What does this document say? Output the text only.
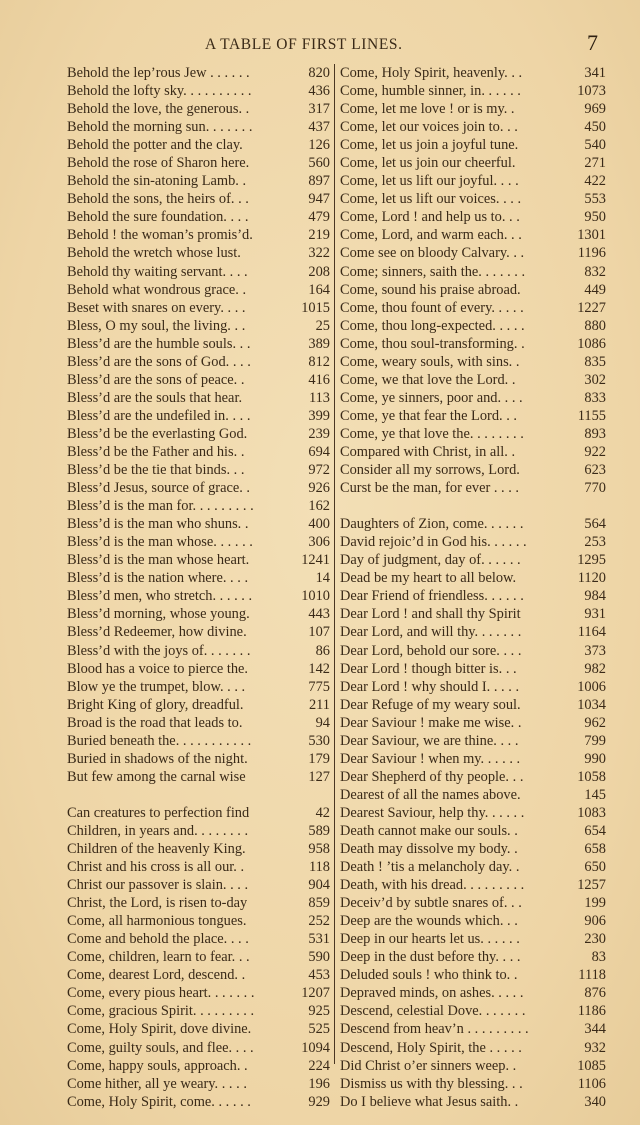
A TABLE OF FIRST LINES.	7
Behold the lep’rous Jew . . . . . .	820
Behold the lofty sky. . . . . . . . . .	436
Behold the love, the generous. .	317
Behold the morning sun. . . . . . .	437
Behold the potter and the clay.	126
Behold the rose of Sharon here.	560
Behold the sin-atoning Lamb. .	897
Behold the sons, the heirs of. . .	947
Behold the sure foundation. . . .	479
Behold ! the woman’s promis’d.	219
Behold the wretch whose lust.	322
Behold thy waiting servant. . . .	208
Behold what wondrous grace. .	164
Beset with snares on every. . . .	1015
Bless, O my soul, the living. . .	25
Bless’d are the humble souls. . .	389
Bless’d are the sons of God. . . .	812
Bless’d are the sons of peace. .	416
Bless’d are the souls that hear.	113
Bless’d are the undefiled in. . . .	399
Bless’d be the everlasting God.	239
Bless’d be the Father and his. .	694
Bless’d be the tie that binds. . .	972
Bless’d Jesus, source of grace. .	926
Bless’d is the man for. . . . . . . . .	162
Bless’d is the man who shuns. .	400
Bless’d is the man whose. . . . . .	306
Bless’d is the man whose heart.	1241
Bless’d is the nation where. . . .	14
Bless’d men, who stretch. . . . . .	1010
Bless’d morning, whose young.	443
Bless’d Redeemer, how divine.	107
Bless’d with the joys of. . . . . . .	86
Blood has a voice to pierce the.	142
Blow ye the trumpet, blow. . . .	775
Bright King of glory, dreadful.	211
Broad is the road that leads to.	94
Buried beneath the. . . . . . . . . . .	530
Buried in shadows of the night.	179
But few among the carnal wise	127
Can creatures to perfection find	42
Children, in years and. . . . . . . .	589
Children of the heavenly King.	958
Christ and his cross is all our. .	118
Christ our passover is slain. . . .	904
Christ, the Lord, is risen to-day	859
Come, all harmonious tongues.	252
Come and behold the place. . . .	531
Come, children, learn to fear. . .	590
Come, dearest Lord, descend. .	453
Come, every pious heart. . . . . . .	1207
Come, gracious Spirit. . . . . . . . .	925
Come, Holy Spirit, dove divine.	525
Come, guilty souls, and flee. . . .	1094
Come, happy souls, approach. .	224
Come hither, all ye weary. . . . .	196
Come, Holy Spirit, come. . . . . .	929
Come, Holy Spirit, heavenly. . .	341
Come, humble sinner, in. . . . . .	1073
Come, let me love ! or is my. .	969
Come, let our voices join to. . .	450
Come, let us join a joyful tune.	540
Come, let us join our cheerful.	271
Come, let us lift our joyful. . . .	422
Come, let us lift our voices. . . .	553
Come, Lord ! and help us to. . .	950
Come, Lord, and warm each. . .	1301
Come see on bloody Calvary. . .	1196
Come; sinners, saith the. . . . . . .	832
Come, sound his praise abroad.	449
Come, thou fount of every. . . . .	1227
Come, thou long-expected. . . . .	880
Come, thou soul-transforming. .	1086
Come, weary souls, with sins. .	835
Come, we that love the Lord. .	302
Come, ye sinners, poor and. . . .	833
Come, ye that fear the Lord. . .	1155
Come, ye that love the. . . . . . . .	893
Compared with Christ, in all. .	922
Consider all my sorrows, Lord.	623
Curst be the man, for ever . . . .	770
Daughters of Zion, come. . . . . .	564
David rejoic’d in God his. . . . . .	253
Day of judgment, day of. . . . . .	1295
Dead be my heart to all below.	1120
Dear Friend of friendless. . . . . .	984
Dear Lord ! and shall thy Spirit	931
Dear Lord, and will thy. . . . . . .	1164
Dear Lord, behold our sore. . . .	373
Dear Lord ! though bitter is. . .	982
Dear Lord ! why should I. . . . .	1006
Dear Refuge of my weary soul.	1034
Dear Saviour ! make me wise. .	962
Dear Saviour, we are thine. . . .	799
Dear Saviour ! when my. . . . . .	990
Dear Shepherd of thy people. . .	1058
Dearest of all the names above.	145
Dearest Saviour, help thy. . . . . .	1083
Death cannot make our souls. .	654
Death may dissolve my body. .	658
Death ! ’tis a melancholy day. .	650
Death, with his dread. . . . . . . . .	1257
Deceiv’d by subtle snares of. . .	199
Deep are the wounds which. . .	906
Deep in our hearts let us. . . . . .	230
Deep in the dust before thy. . . .	83
Deluded souls ! who think to. .	1118
Depraved minds, on ashes. . . . .	876
Descend, celestial Dove. . . . . . .	1186
Descend from heav’n . . . . . . . . .	344
Descend, Holy Spirit, the . . . . .	932
Did Christ o’er sinners weep. .	1085
Dismiss us with thy blessing. . .	1106
Do I believe what Jesus saith. .	340
